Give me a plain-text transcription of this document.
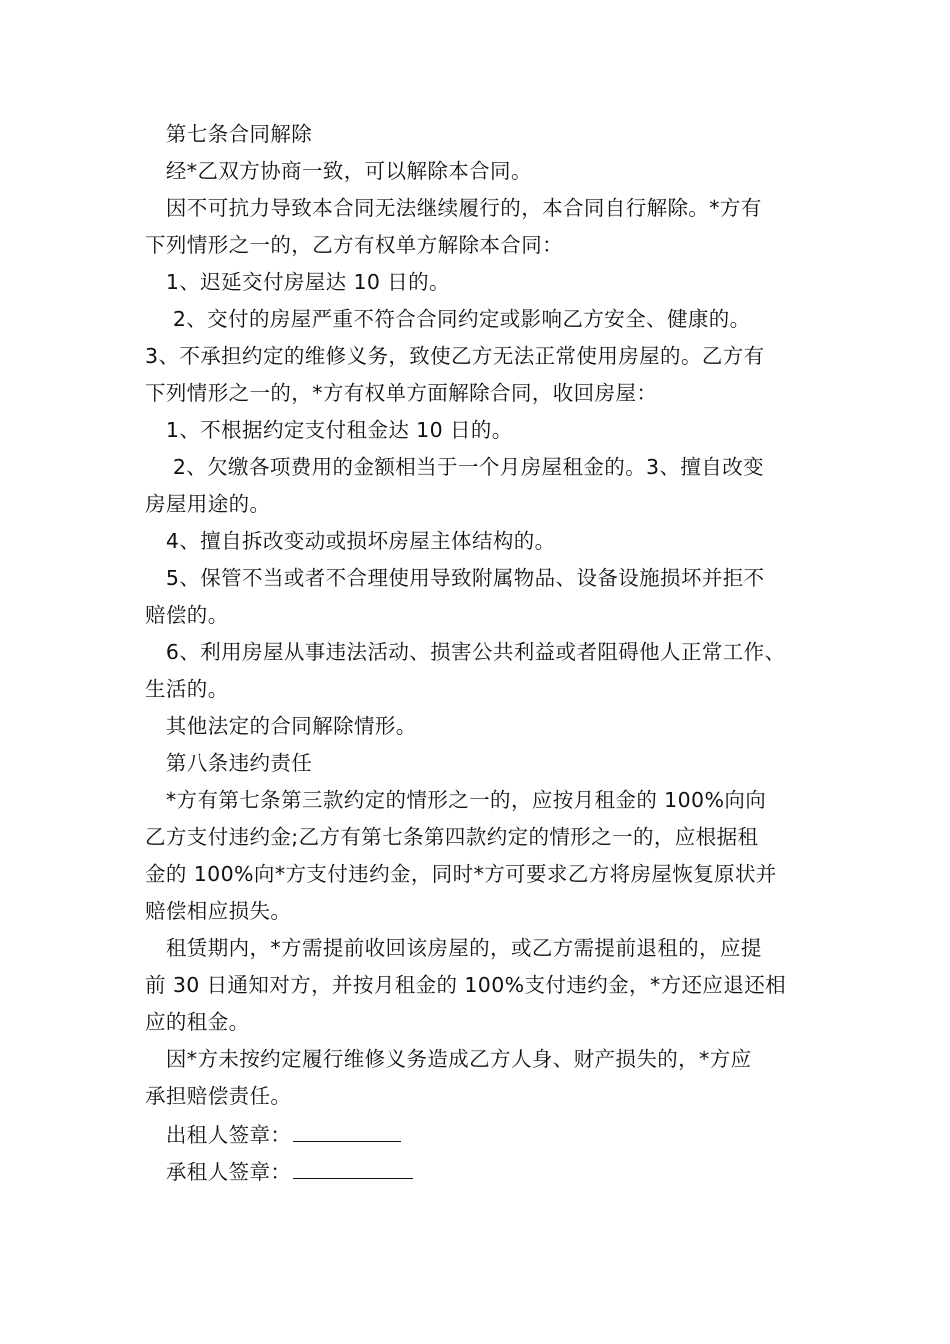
　第七条合同解除
　经*乙双方协商一致，可以解除本合同。
　因不可抗力导致本合同无法继续履行的，本合同自行解除。*方有
下列情形之一的，乙方有权单方解除本合同：
　1、迟延交付房屋达 10 日的。
　 2、交付的房屋严重不符合合同约定或影响乙方安全、健康的。
3、不承担约定的维修义务，致使乙方无法正常使用房屋的。乙方有
下列情形之一的，*方有权单方面解除合同，收回房屋：
　1、不根据约定支付租金达 10 日的。
　 2、欠缴各项费用的金额相当于一个月房屋租金的。3、擅自改变
房屋用途的。
　4、擅自拆改变动或损坏房屋主体结构的。
　5、保管不当或者不合理使用导致附属物品、设备设施损坏并拒不
赔偿的。
　6、利用房屋从事违法活动、损害公共利益或者阻碍他人正常工作、
生活的。
　其他法定的合同解除情形。
　第八条违约责任
　*方有第七条第三款约定的情形之一的，应按月租金的 100%向向
乙方支付违约金;乙方有第七条第四款约定的情形之一的，应根据租
金的 100%向*方支付违约金，同时*方可要求乙方将房屋恢复原状并
赔偿相应损失。
　租赁期内，*方需提前收回该房屋的，或乙方需提前退租的，应提
前 30 日通知对方，并按月租金的 100%支付违约金，*方还应退还相
应的租金。
　因*方未按约定履行维修义务造成乙方人身、财产损失的，*方应
承担赔偿责任。
　出租人签章：
　承租人签章：
